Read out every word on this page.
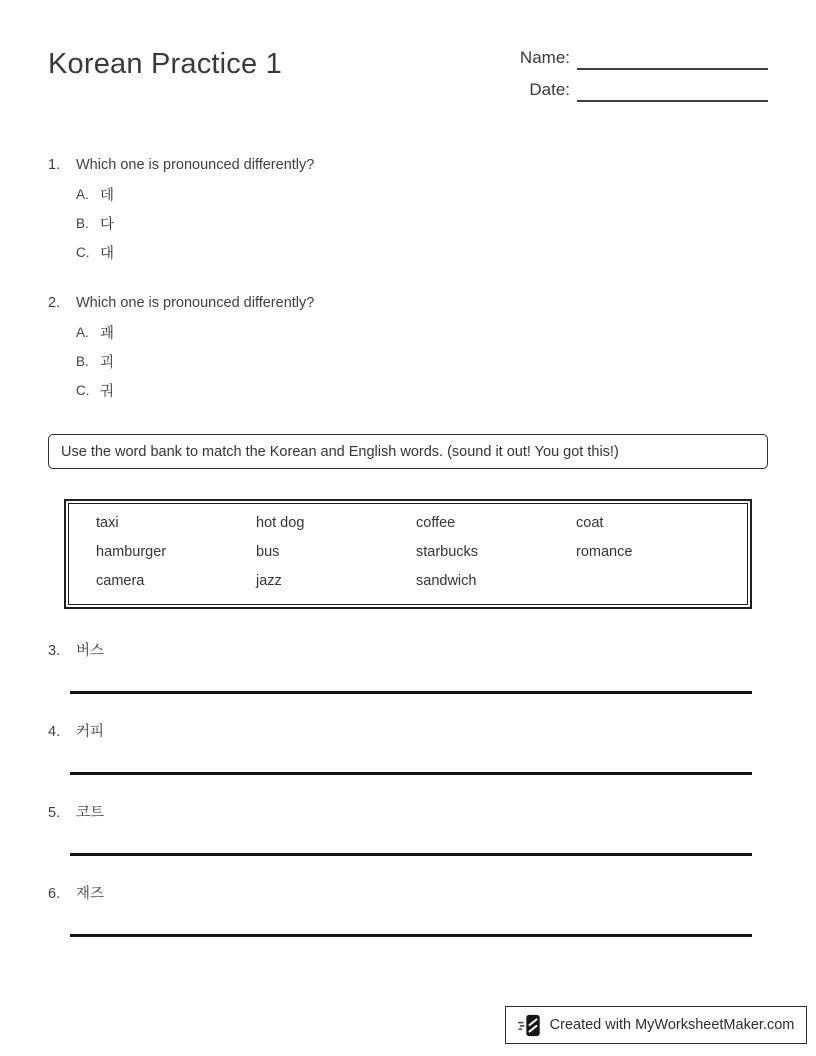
Korean Practice 1	Name:
Date:
1.	Which one is pronounced differently?
A. 데
B. 다
C. 대
2.	Which one is pronounced differently?
A. 괘
B. 괴
C. 궈
Use the word bank to match the Korean and English words. (sound it out! You got this!)
taxi	hot dog	coffee	coat
hamburger	bus	starbucks	romance
camera	jazz	sandwich
3.	버스
4.	커피
5.	코트
6.	재즈
Created with MyWorksheetMaker.com
